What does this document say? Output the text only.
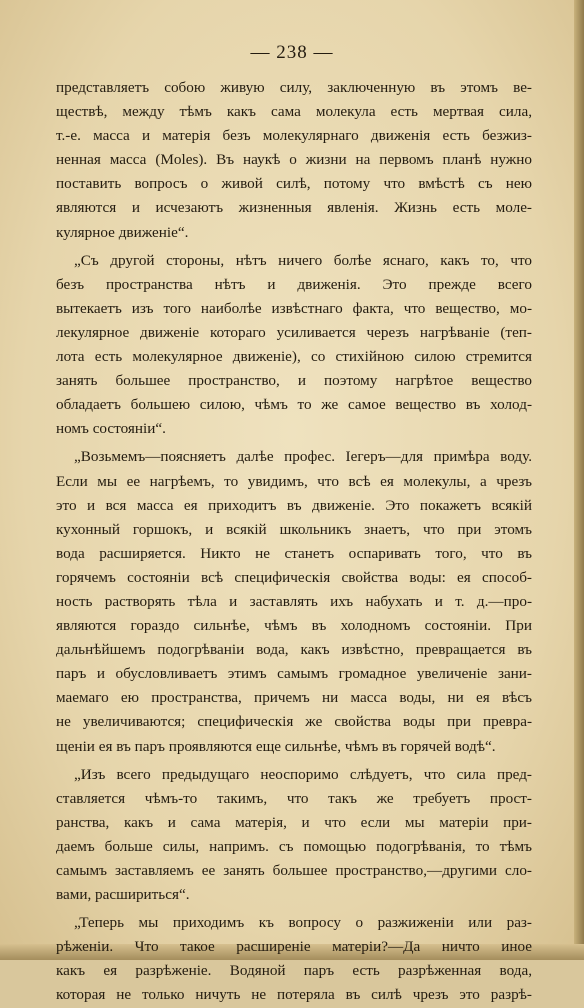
— 238 —
представляетъ собою живую силу, заключенную въ этомъ ве-
ществѣ, между тѣмъ какъ сама молекула есть мертвая сила,
т.-е. масса и матерія безъ молекулярнаго движенія есть безжиз-
ненная масса (Moles). Въ наукѣ о жизни на первомъ планѣ нужно
поставить вопросъ о живой силѣ, потому что вмѣстѣ съ нею
являются и исчезаютъ жизненныя явленія. Жизнь есть моле-
кулярное движеніе“.
„Съ другой стороны, нѣтъ ничего болѣе яснаго, какъ то, что
безъ пространства нѣтъ и движенія. Это прежде всего
вытекаетъ изъ того наиболѣе извѣстнаго факта, что вещество, мо-
лекулярное движеніе котораго усиливается черезъ нагрѣваніе (теп-
лота есть молекулярное движеніе), со стихійною силою стремится
занять большее пространство, и поэтому нагрѣтое вещество
обладаетъ большею силою, чѣмъ то же самое вещество въ холод-
номъ состояніи“.
„Возьмемъ—поясняетъ далѣе профес. Іегеръ—для примѣра воду.
Если мы ее нагрѣемъ, то увидимъ, что всѣ ея молекулы, а чрезъ
это и вся масса ея приходитъ въ движеніе. Это покажетъ всякій
кухонный горшокъ, и всякій школьникъ знаетъ, что при этомъ
вода расширяется. Никто не станетъ оспаривать того, что въ
горячемъ состояніи всѣ специфическія свойства воды: ея способ-
ность растворять тѣла и заставлять ихъ набухать и т. д.—про-
являются гораздо сильнѣе, чѣмъ въ холодномъ состояніи. При
дальнѣйшемъ подогрѣваніи вода, какъ извѣстно, превращается въ
паръ и обусловливаетъ этимъ самымъ громадное увеличеніе зани-
маемаго ею пространства, причемъ ни масса воды, ни ея вѣсъ
не увеличиваются; специфическія же свойства воды при превра-
щеніи ея въ паръ проявляются еще сильнѣе, чѣмъ въ горячей водѣ“.
„Изъ всего предыдущаго неоспоримо слѣдуетъ, что сила пред-
ставляется чѣмъ-то такимъ, что такъ же требуетъ прост-
ранства, какъ и сама матерія, и что если мы матеріи при-
даемъ больше силы, напримъ. съ помощью подогрѣванія, то тѣмъ
самымъ заставляемъ ее занять большее пространство,—другими сло-
вами, расшириться“.
„Теперь мы приходимъ къ вопросу о разжиженіи или раз-
рѣженіи. Что такое расширеніе матеріи?—Да ничто иное
какъ ея разрѣженіе. Водяной паръ есть разрѣженная вода,
которая не только ничуть не потеряла въ силѣ чрезъ это разрѣ-
